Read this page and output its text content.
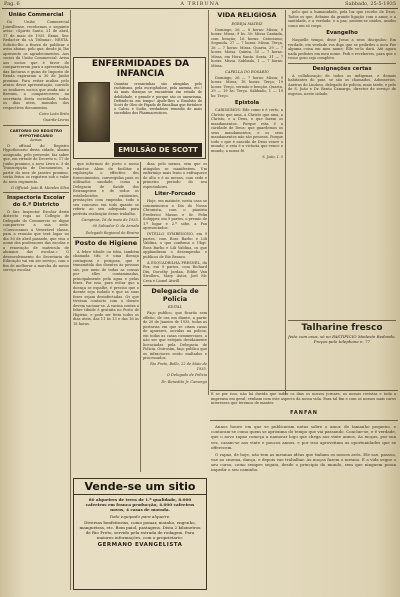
Pag. 6	A TRIBUNA	Sabbado, 25-5-1935
União Commercial

Da União Commercial Joinvillense, recebemos o seguinte aviso: «Spirito Santo, 21 de abril, 17 de maio de 1935. Exmo. Snr. Redactor da «A Tribuna». NESTA. Solicito-lhe a fineza de publicar o aviso abaixo, pelo que, desde já, lhe apresento os agradecimentos. Aos socios da União Commercial: Avisa aos socios que é favor de comparecerem para a apresentação das facturas e guias de Imposto de Renda expiraram a 30 de Junho proximo. Para evitar multas pelo atraso desse apresentação, convido os senhores socios que ainda não o fizeram, a comparecerem na secretaria desta sociedade, todos os dias uteis, munidos dos respectivos documentos.

Cairo Leão Brito
Guarda-Livros
CARTORIO DO REGISTRO HYPOTHECARIO
Avisos

O official do Registro Hypothecario desta cidade, abaixo assignado, pelo presente, faz saber que, em virtude do Decreto n. 17 de Junho proximo, o novo Livro n. 3 de Transcripção de Documentos, a partir do mez de janeiro proximo, serão feitos os registros sob o valor do novo regimento.

O Official: João B. Mendes Silva
Inspectoria Escolar do 6.º Districto

O Snr. Inspector Escolar deste districto roga ao Collegio de Delegado do Commercio se digne comparecer a sua sede. «Convocamos a Venerável classe, para a reunião que terá logar no dia 30 de abril passado, que visa o nome dos professores das escolas e a renovação de matricula de alumnos das escolas.» O desenvolvimento do Secretaria de Educação vai em ser serviço, com o fim de melhorar a marcha do nosso serviço escolar.

que informou de porto o nosso redactor. Alem de facilitar a exploração o effectivo dos fornecimentos, convergidas para os utilisados saudade, como a Delegacia de Saúde dos Estrangeiros e de todos os estabelecidos existentes, prestações com empenho, todo o seu concurso em todo quanto se referir ao seu adequado para perfeita realização desse trabalho.

Campinas, 16 de maio de 1935.
00 Salvador O. de Arruda
Delegado Regional de Ensino
Posto de Higiene

A febre tifoide ou tifoa, também chamada tifo, é uma doença contagiosa e perigosa, que é transmitida dos doentes às pessoas sãs, por meio de todas as cousas por elles contaminadas, principalmente pela agua e pelas fezes. Por isso, para evitar que a doença se espalhe, é preciso que o doente seja isolado e que as suas fezes sejam desinfectadas. Os que tiveram contacto com o doente devem vacinar-se. A vacina contra a febre tifoide é gratuita no Posto de Higiene, e pode ser feita todos os dias uteis, das 11 às 13 e das 16 às 18 horas.

ENFERMIDADES DA INFANCIA
Quantas creancinhas são atingidas pelo rachitismo, pela escrophulose, pela anemia, etc.! As mais doenças se encontram em estado de debilidade, e grande e porque são os aneurisma. Defende-as em tempo! Ajude-lhes a Emulsão de Scott de Oleo de Figado de Bacalhau que fortalece o Calcio e Sodio, verdadeiro remedio de mais sucedidos dos Pharmaceuticos.
EMULSÃO DE SCOTT

dias, pelo menos, sem que os atingidos se manifestem. Um enfermiço mais lento o enfraquece do alto e é ao menos, com sede e primeiro periodo do seu espectadores.

Liter-Forcado

Hoje, em matinée, nesta casa se commemorou o Dia do Nosso Chronista, com o pianista Frederico Mason e Sr. Felix Schipper, em 9 partes, o premio de 1.º lugar e 2.º sobe, a Fox apresentados.

INTELLO SYMBENONO, em 9 partes, com Ross Barbo e Lili Valdina, o que confirma o Uhgt. Ross Barbo e Lili Valdina, os que applaudiram o desempenho e publicos de Rio Branco.

A ESQUADRILHA FRESNEL, da Fox, em 9 partes, com Richard Dix, Dorothy Jordan, Eddie Van Strollers, Mary Astor, Joel Mc Crea e Lionel Atwill.

Delegacia de Policia
EDITAL

Faço publico, que ficarão sem effeito, de ora em diante, a partir de 20 de Janeiro de 1935, todas as portarias em que se citam casas de apurares, ouvidas na policia, em todas as casas commerciaes, a não ser que estejam devidamente licenciadas pela Delegacia de Policia. Outrosim, faço publico que os infractores serão multados e processados.

Rio Preto, Bello, 22 de Maio de 1935.
O Delegado de Policia
Dr. Benedito Jr. Camargo
VIDA RELIGIOSA
EGREJA MATRIZ

Domingo, 26 — 8 horas: Missa; 9 horas: Missa; 9 hs. 30: Missa Cantada, com benção; 16 horas: Catecismo; Segunda, 27 — 7 horas: Missa. Terça, 28 — 7 horas: Missa. Quarta, 29 — 7 horas: Missa. Quinta, 30 — 7 horas: Missa, em Hora Santa. Sexta, 31 — 7 horas: Missa. Sabbado, 1 — 7 horas: Missa.

CAPELLA DO ROSARIO

Domingo, 26 — 7 horas: Missa; 9 horas: Missa; 16 horas: Terço; 19 horas: Terço, sermão e benção. Quarta, 29 — 19 hs: Terço. Sabbado, 1 — 19 hs: Terço.

Epistola

CARISSIMOS: Ede como e é certo, a Christo que ama, a Christo que ama, a Christo, e a Deus, e que fazem os mandamentos. Porque esta é a caridade de Deus: que guardemos os seus mandamentos; e os seus mandamentos não são penosos. Porque todo o que é nascido de Deus vence o mundo; e esta é a victoria que vence o mundo, a nossa fé.

S. João, I, 5

pelo que a humanidade, pela luz que recebe de Deus. Todos os que, debaixo da grande ligação com o amor, e a santidade, e a verdade, e a paz, sentem-se unidos, unidos como um só corpo.

Evangelho

Naquelle tempo, disse Jesus a seus discipulos: Em verdade, em verdade vos digo que se pedirdes a meu Pae alguma coisa em meu nome, Elle vo-la dará. Até agora nada pedistes em meu nome. Pedi e recebereis, para que o vosso gozo seja completo.

Designações certas

A collaboração de todos os indigenas, e demais habitantes do paiz, se são os chamados, Adonnerios, Aneiras do Lindoso, delegado de policia, mais tarde, e pelo de S. João e Dr. Bento Camargo, director de serviço de esgotos, neste cidade.

Talharine fresco
feito com ovos, só no PASTIFICIO Modesto Redondo. Preços pelo telephone n. 77

E se por isso, não há duvida que todos os dias os nossos jornaes, as nossas revistas e toda a imprensa em geral, venham com este aspecto da nossa vida. Para tal fim e com os nossos mais caros interesses que teremos de manter.

FANFAN

Annos houve em que se publicaram notas sobre o amor, de tamanho pequeno, e contaram-se como quem se aproxima do tempo que vai passando. Conclue-se, e é verdade, que o novo rapaz começa a namorar logo que chega aos vinte annos. As moças, por sua vez, casam-se aos vinte e poucos annos, e por isso aproveitam as oportunidades que se offerecem.

O rapaz, de hoje, não tem as mesmas idéas que tinham os nossos avós. Ele sae, passea, vae ao cinema, dança, e depois vae trabalhar. As moças fazem o mesmo. E a vida segue o seu curso, como sempre seguiu, desde o principio do mundo, sem que ninguem possa impedir o seu caminho.

Vende-se um sitio
80 alqueires de terra de 1.ª qualidade, 8.000 cafeeiros em franca producção, 4.000 cafeeiros novos, 4 casas de morada.
Todo equipado para alqueire.
Diversas benfeitorias, como pomar, moinho, engenho, mangueiras, etc. Bom paiol, pastagens. Dista 2 kilometros de Rio Preto, servido pela estrada de rodagem. Para maiores informações, com o proprietario:
GERMANO EVANGELISTA
